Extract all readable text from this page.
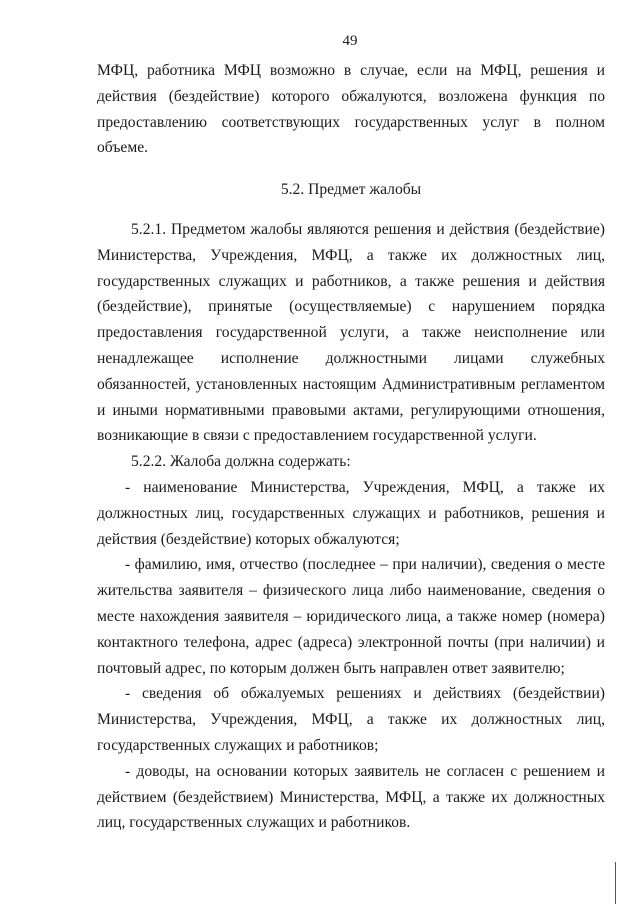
49

МФЦ, работника МФЦ возможно в случае, если на МФЦ, решения и действия (бездействие) которого обжалуются, возложена функция по предоставлению соответствующих государственных услуг в полном объеме.

5.2. Предмет жалобы

5.2.1. Предметом жалобы являются решения и действия (бездействие) Министерства, Учреждения, МФЦ, а также их должностных лиц, государственных служащих и работников, а также решения и действия (бездействие), принятые (осуществляемые) с нарушением порядка предоставления государственной услуги, а также неисполнение или ненадлежащее исполнение должностными лицами служебных обязанностей, установленных настоящим Административным регламентом и иными нормативными правовыми актами, регулирующими отношения, возникающие в связи с предоставлением государственной услуги.

5.2.2. Жалоба должна содержать:

- наименование Министерства, Учреждения, МФЦ, а также их должностных лиц, государственных служащих и работников, решения и действия (бездействие) которых обжалуются;

- фамилию, имя, отчество (последнее – при наличии), сведения о месте жительства заявителя – физического лица либо наименование, сведения о месте нахождения заявителя – юридического лица, а также номер (номера) контактного телефона, адрес (адреса) электронной почты (при наличии) и почтовый адрес, по которым должен быть направлен ответ заявителю;

- сведения об обжалуемых решениях и действиях (бездействии) Министерства, Учреждения, МФЦ, а также их должностных лиц, государственных служащих и работников;

- доводы, на основании которых заявитель не согласен с решением и действием (бездействием) Министерства, МФЦ, а также их должностных лиц, государственных служащих и работников.
